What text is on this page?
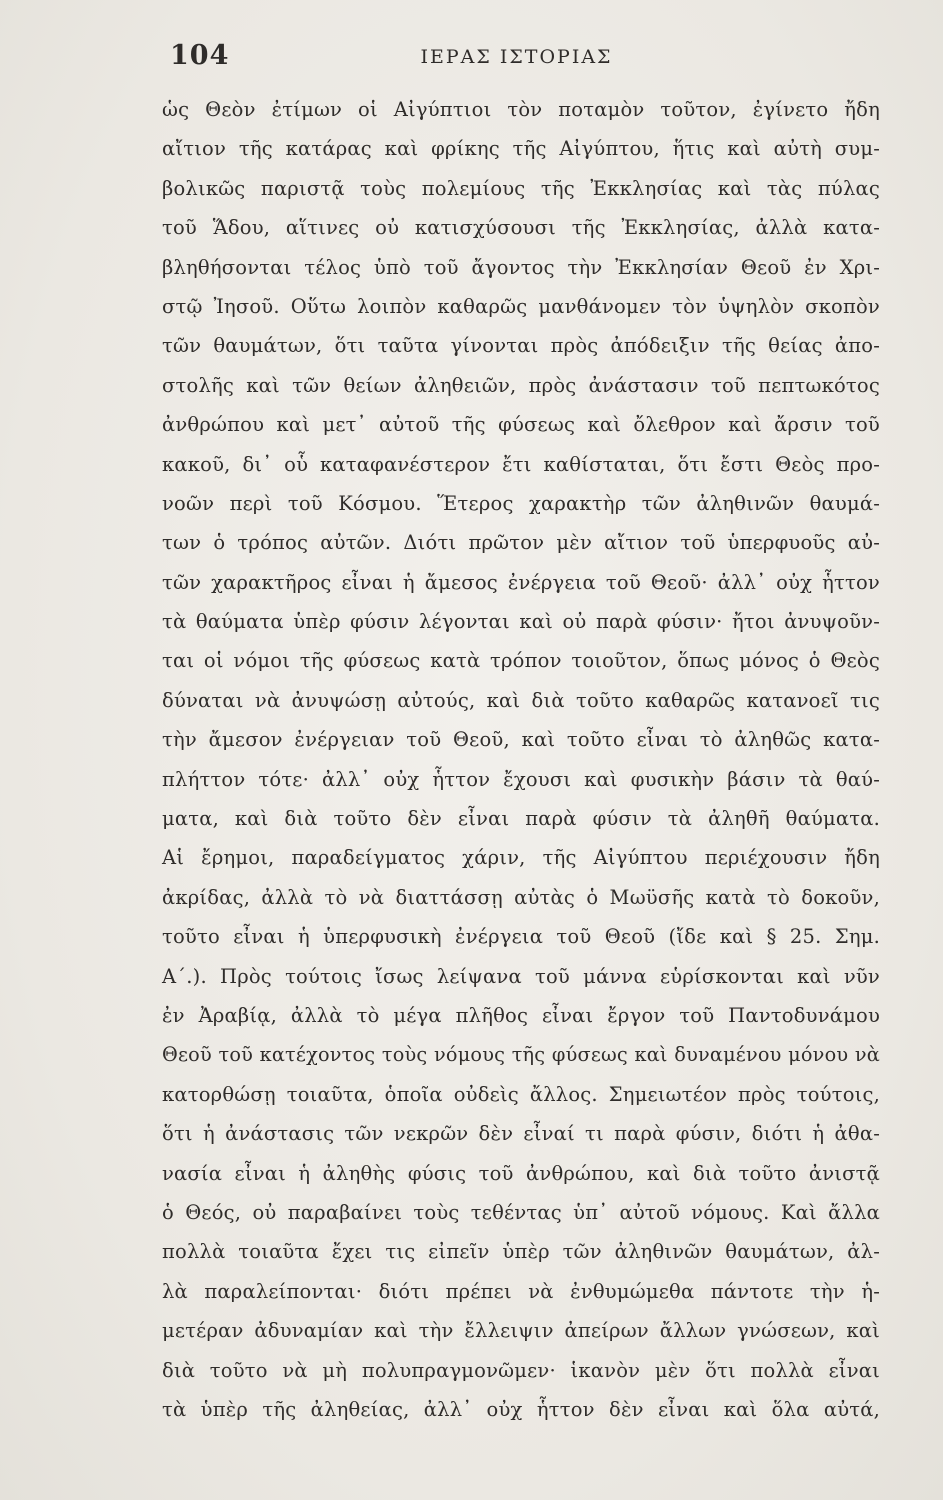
104	ΙΕΡΑΣ ΙΣΤΟΡΙΑΣ
ὡς Θεὸν ἐτίμων οἱ Αἰγύπτιοι τὸν ποταμὸν τοῦτον, ἐγίνετο ἤδη
αἴτιον τῆς κατάρας καὶ φρίκης τῆς Αἰγύπτου, ἥτις καὶ αὐτὴ συμ-
βολικῶς παριστᾷ τοὺς πολεμίους τῆς Ἐκκλησίας καὶ τὰς πύλας
τοῦ Ἅδου, αἵτινες οὐ κατισχύσουσι τῆς Ἐκκλησίας, ἀλλὰ κατα-
βληθήσονται τέλος ὑπὸ τοῦ ἄγοντος τὴν Ἐκκλησίαν Θεοῦ ἐν Χρι-
στῷ Ἰησοῦ. Οὕτω λοιπὸν καθαρῶς μανθάνομεν τὸν ὑψηλὸν σκοπὸν
τῶν θαυμάτων, ὅτι ταῦτα γίνονται πρὸς ἀπόδειξιν τῆς θείας ἀπο-
στολῆς καὶ τῶν θείων ἀληθειῶν, πρὸς ἀνάστασιν τοῦ πεπτωκότος
ἀνθρώπου καὶ μετ᾽ αὐτοῦ τῆς φύσεως καὶ ὄλεθρον καὶ ἄρσιν τοῦ
κακοῦ, δι᾽ οὗ καταφανέστερον ἔτι καθίσταται, ὅτι ἔστι Θεὸς προ-
νοῶν περὶ τοῦ Κόσμου. Ἕτερος χαρακτὴρ τῶν ἀληθινῶν θαυμά-
των ὁ τρόπος αὐτῶν. Διότι πρῶτον μὲν αἴτιον τοῦ ὑπερφυοῦς αὐ-
τῶν χαρακτῆρος εἶναι ἡ ἄμεσος ἐνέργεια τοῦ Θεοῦ· ἀλλ᾽ οὐχ ἧττον
τὰ θαύματα ὑπὲρ φύσιν λέγονται καὶ οὐ παρὰ φύσιν· ἤτοι ἀνυψοῦν-
ται οἱ νόμοι τῆς φύσεως κατὰ τρόπον τοιοῦτον, ὅπως μόνος ὁ Θεὸς
δύναται νὰ ἀνυψώσῃ αὐτούς, καὶ διὰ τοῦτο καθαρῶς κατανοεῖ τις
τὴν ἄμεσον ἐνέργειαν τοῦ Θεοῦ, καὶ τοῦτο εἶναι τὸ ἀληθῶς κατα-
πλήττον τότε· ἀλλ᾽ οὐχ ἧττον ἔχουσι καὶ φυσικὴν βάσιν τὰ θαύ-
ματα, καὶ διὰ τοῦτο δὲν εἶναι παρὰ φύσιν τὰ ἀληθῆ θαύματα.
Αἱ ἔρημοι, παραδείγματος χάριν, τῆς Αἰγύπτου περιέχουσιν ἤδη
ἀκρίδας, ἀλλὰ τὸ νὰ διαττάσσῃ αὐτὰς ὁ Μωϋσῆς κατὰ τὸ δοκοῦν,
τοῦτο εἶναι ἡ ὑπερφυσικὴ ἐνέργεια τοῦ Θεοῦ (ἴδε καὶ § 25. Σημ.
Α΄.). Πρὸς τούτοις ἴσως λείψανα τοῦ μάννα εὑρίσκονται καὶ νῦν
ἐν Ἀραβίᾳ, ἀλλὰ τὸ μέγα πλῆθος εἶναι ἔργον τοῦ Παντοδυνάμου
Θεοῦ τοῦ κατέχοντος τοὺς νόμους τῆς φύσεως καὶ δυναμένου μόνου νὰ
κατορθώσῃ τοιαῦτα, ὁποῖα οὐδεὶς ἄλλος. Σημειωτέον πρὸς τούτοις,
ὅτι ἡ ἀνάστασις τῶν νεκρῶν δὲν εἶναί τι παρὰ φύσιν, διότι ἡ ἀθα-
νασία εἶναι ἡ ἀληθὴς φύσις τοῦ ἀνθρώπου, καὶ διὰ τοῦτο ἀνιστᾷ
ὁ Θεός, οὐ παραβαίνει τοὺς τεθέντας ὑπ᾽ αὐτοῦ νόμους. Καὶ ἄλλα
πολλὰ τοιαῦτα ἔχει τις εἰπεῖν ὑπὲρ τῶν ἀληθινῶν θαυμάτων, ἀλ-
λὰ παραλείπονται· διότι πρέπει νὰ ἐνθυμώμεθα πάντοτε τὴν ἡ-
μετέραν ἀδυναμίαν καὶ τὴν ἔλλειψιν ἀπείρων ἄλλων γνώσεων, καὶ
διὰ τοῦτο νὰ μὴ πολυπραγμονῶμεν· ἱκανὸν μὲν ὅτι πολλὰ εἶναι
τὰ ὑπὲρ τῆς ἀληθείας, ἀλλ᾽ οὐχ ἧττον δὲν εἶναι καὶ ὅλα αὐτά,
